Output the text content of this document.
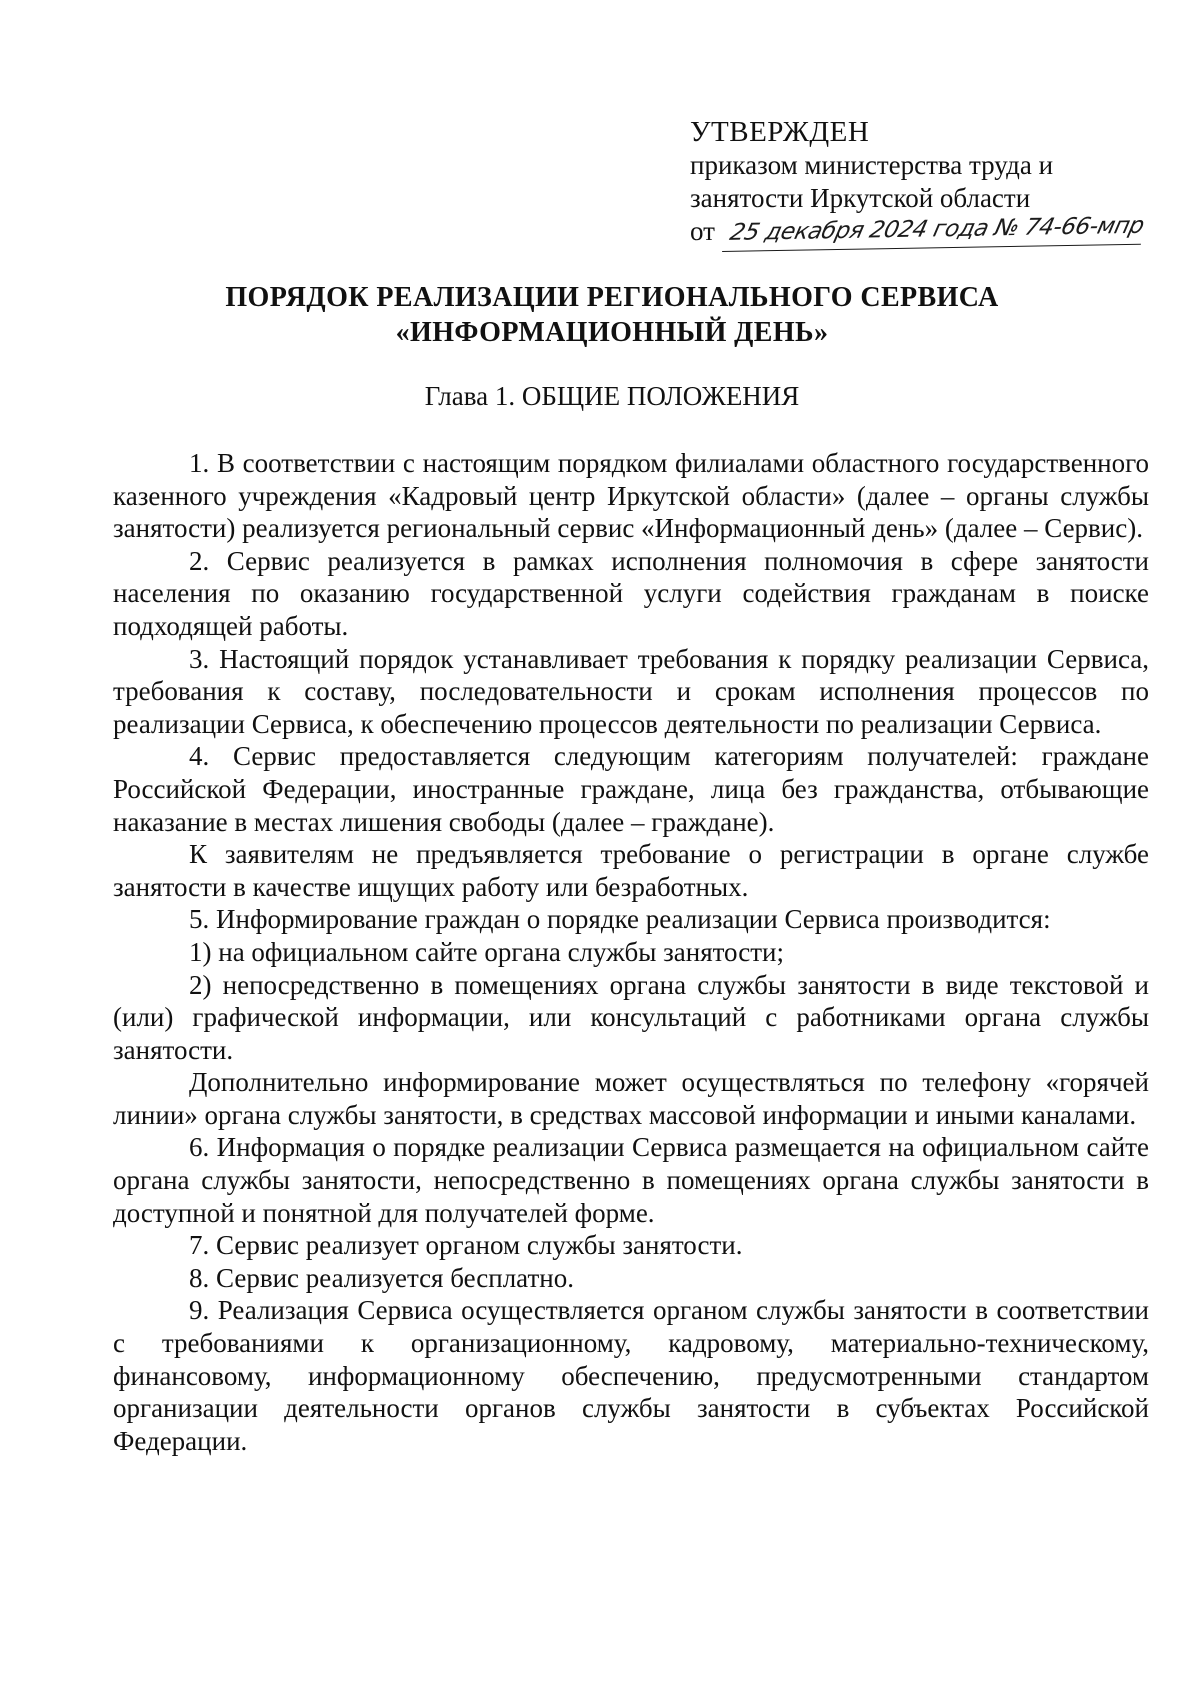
УТВЕРЖДЕН
приказом министерства труда и
занятости Иркутской области
от 25 декабря 2024 года № 74-66-мпр
ПОРЯДОК РЕАЛИЗАЦИИ РЕГИОНАЛЬНОГО СЕРВИСА
«ИНФОРМАЦИОННЫЙ ДЕНЬ»
Глава 1. ОБЩИЕ ПОЛОЖЕНИЯ

1. В соответствии с настоящим порядком филиалами областного государственного казенного учреждения «Кадровый центр Иркутской области» (далее – органы службы занятости) реализуется региональный сервис «Информационный день» (далее – Сервис).

2. Сервис реализуется в рамках исполнения полномочия в сфере занятости населения по оказанию государственной услуги содействия гражданам в поиске подходящей работы.

3. Настоящий порядок устанавливает требования к порядку реализации Сервиса, требования к составу, последовательности и срокам исполнения процессов по реализации Сервиса, к обеспечению процессов деятельности по реализации Сервиса.

4. Сервис предоставляется следующим категориям получателей: граждане Российской Федерации, иностранные граждане, лица без гражданства, отбывающие наказание в местах лишения свободы (далее – граждане).

К заявителям не предъявляется требование о регистрации в органе службе занятости в качестве ищущих работу или безработных.

5. Информирование граждан о порядке реализации Сервиса производится:

1) на официальном сайте органа службы занятости;

2) непосредственно в помещениях органа службы занятости в виде текстовой и (или) графической информации, или консультаций с работниками органа службы занятости.

Дополнительно информирование может осуществляться по телефону «горячей линии» органа службы занятости, в средствах массовой информации и иными каналами.

6. Информация о порядке реализации Сервиса размещается на официальном сайте органа службы занятости, непосредственно в помещениях органа службы занятости в доступной и понятной для получателей форме.

7. Сервис реализует органом службы занятости.

8. Сервис реализуется бесплатно.

9. Реализация Сервиса осуществляется органом службы занятости в соответствии с требованиями к организационному, кадровому, материально-техническому, финансовому, информационному обеспечению, предусмотренными стандартом организации деятельности органов службы занятости в субъектах Российской Федерации.
